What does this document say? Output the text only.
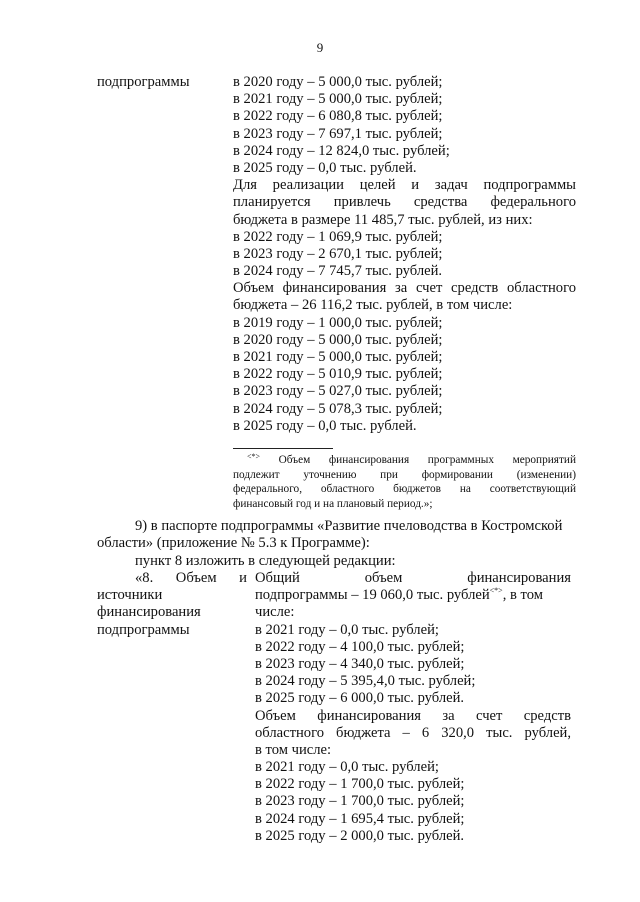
9
подпрограммы	в 2020 году – 5 000,0 тыс. рублей;
в 2021 году – 5 000,0 тыс. рублей;
в 2022 году – 6 080,8 тыс. рублей;
в 2023 году – 7 697,1 тыс. рублей;
в 2024 году – 12 824,0 тыс. рублей;
в 2025 году – 0,0 тыс. рублей.
Для реализации целей и задач подпрограммы
планируется привлечь средства федерального
бюджета в размере 11 485,7 тыс. рублей, из них:
в 2022 году – 1 069,9 тыс. рублей;
в 2023 году – 2 670,1 тыс. рублей;
в 2024 году – 7 745,7 тыс. рублей.
Объем финансирования за счет средств областного
бюджета – 26 116,2 тыс. рублей, в том числе:
в 2019 году – 1 000,0 тыс. рублей;
в 2020 году – 5 000,0 тыс. рублей;
в 2021 году – 5 000,0 тыс. рублей;
в 2022 году – 5 010,9 тыс. рублей;
в 2023 году – 5 027,0 тыс. рублей;
в 2024 году – 5 078,3 тыс. рублей;
в 2025 году – 0,0 тыс. рублей.
<*> Объем финансирования программных мероприятий
подлежит уточнению при формировании (изменении)
федерального, областного бюджетов на соответствующий
финансовый год и на плановый период.»;
9) в паспорте подпрограммы «Развитие пчеловодства в Костромской
области» (приложение № 5.3 к Программе):
пункт 8 изложить в следующей редакции:
«8. Объем и
источники
финансирования
подпрограммы
Общий объем финансирования
подпрограммы – 19 060,0 тыс. рублей<*>, в том
числе:
в 2021 году – 0,0 тыс. рублей;
в 2022 году – 4 100,0 тыс. рублей;
в 2023 году – 4 340,0 тыс. рублей;
в 2024 году – 5 395,4,0 тыс. рублей;
в 2025 году – 6 000,0 тыс. рублей.
Объем финансирования за счет средств
областного бюджета – 6 320,0 тыс. рублей,
в том числе:
в 2021 году – 0,0 тыс. рублей;
в 2022 году – 1 700,0 тыс. рублей;
в 2023 году – 1 700,0 тыс. рублей;
в 2024 году – 1 695,4 тыс. рублей;
в 2025 году – 2 000,0 тыс. рублей.
